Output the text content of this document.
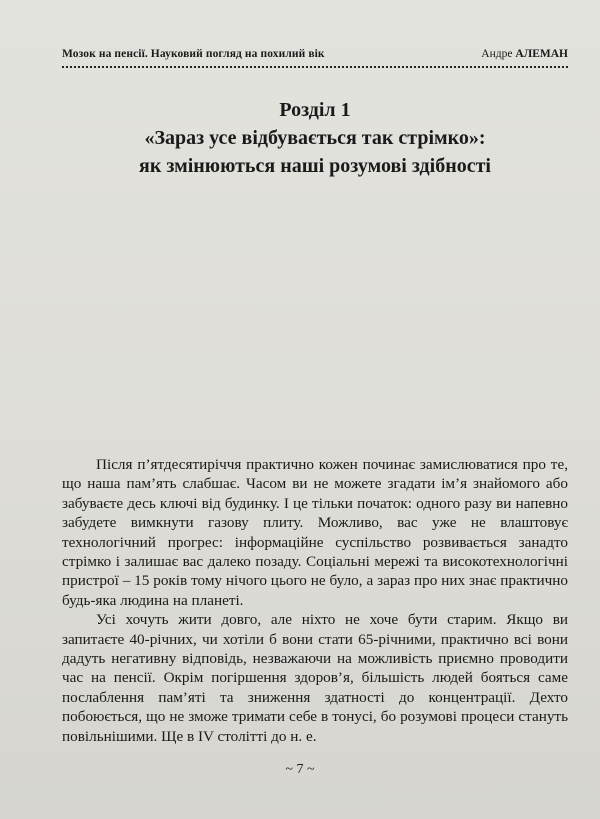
Мозок на пенсії. Науковий погляд на похилий вік	Андре АЛЕМАН
Розділ 1
«Зараз усе відбувається так стрімко»:
як змінюються наші розумові здібності

Після п’ятдесятиріччя практично кожен починає замислюватися про те, що наша пам’ять слабшає. Часом ви не можете згадати ім’я знайомого або забуваєте десь ключі від будинку. І це тільки початок: одного разу ви напевно забудете вимкнути газову плиту. Можливо, вас уже не влаштовує технологічний прогрес: інформаційне суспільство розвивається занадто стрімко і залишає вас далеко позаду. Соціальні мережі та високотехнологічні пристрої – 15 років тому нічого цього не було, а зараз про них знає практично будь-яка людина на планеті.

Усі хочуть жити довго, але ніхто не хоче бути старим. Якщо ви запитаєте 40-річних, чи хотіли б вони стати 65-річними, практично всі вони дадуть негативну відповідь, незважаючи на можливість приємно проводити час на пенсії. Окрім погіршення здоров’я, більшість людей бояться саме послаблення пам’яті та зниження здатності до концентрації. Дехто побоюється, що не зможе тримати себе в тонусі, бо розумові процеси стануть повільнішими. Ще в IV столітті до н. е.

~ 7 ~
